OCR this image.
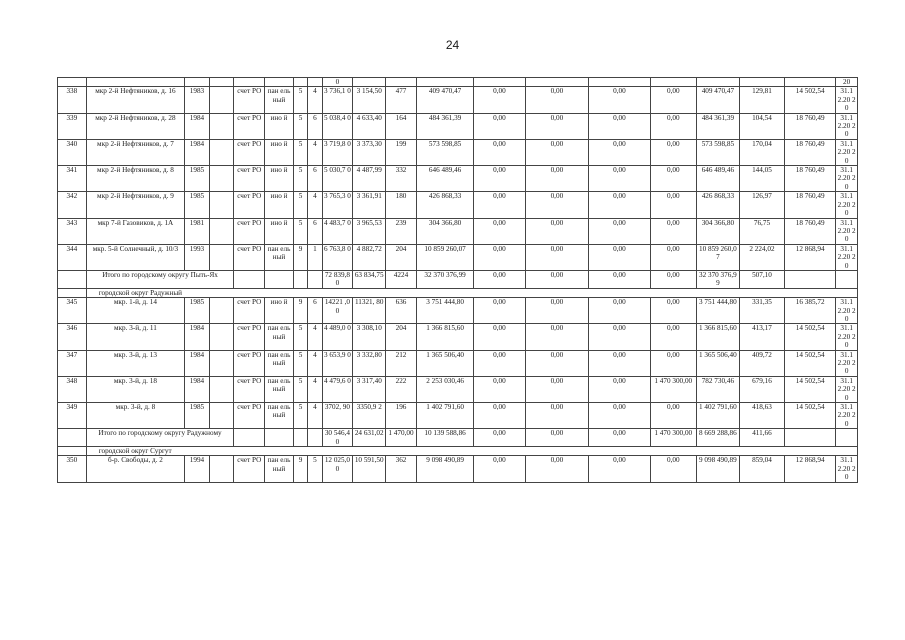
24
								0											20
338	мкр 2-й Нефтяников, д. 16	1983		счет РО	пан ель ный	5	4	3 736,1 0	3 154,50	477	409 470,47	0,00	0,00	0,00	0,00	409 470,47	129,81	14 502,54	31.1 2.20 20
339	мкр 2-й Нефтяников, д. 28	1984		счет РО	ино й	5	6	5 038,4 0	4 633,40	164	484 361,39	0,00	0,00	0,00	0,00	484 361,39	104,54	18 760,49	31.1 2.20 20
340	мкр 2-й Нефтяников, д. 7	1984		счет РО	ино й	5	4	3 719,8 0	3 373,30	199	573 598,85	0,00	0,00	0,00	0,00	573 598,85	170,04	18 760,49	31.1 2.20 20
341	мкр 2-й Нефтяников, д. 8	1985		счет РО	ино й	5	6	5 030,7 0	4 487,99	332	646 489,46	0,00	0,00	0,00	0,00	646 489,46	144,05	18 760,49	31.1 2.20 20
342	мкр 2-й Нефтяников, д. 9	1985		счет РО	ино й	5	4	3 765,3 0	3 361,91	180	426 868,33	0,00	0,00	0,00	0,00	426 868,33	126,97	18 760,49	31.1 2.20 20
343	мкр 7-й Газовиков, д. 1А	1981		счет РО	ино й	5	6	4 483,7 0	3 965,53	239	304 366,80	0,00	0,00	0,00	0,00	304 366,80	76,75	18 760,49	31.1 2.20 20
344	мкр. 5-й Солнечный, д. 10/3	1993		счет РО	пан ель ный	9	1	6 763,8 0	4 882,72	204	10 859 260,07	0,00	0,00	0,00	0,00	10 859 260,07	2 224,02	12 868,94	31.1 2.20 20
	Итого по городскому округу Пыть-Ях							72 839,8 0	63 834,75	4224	32 370 376,99	0,00	0,00	0,00	0,00	32 370 376,99	507,10		
	городской округ Радужный																		
345	мкр. 1-й, д. 14	1985		счет РО	ино й	9	6	14221 ,00	11321, 80	636	3 751 444,80	0,00	0,00	0,00	0,00	3 751 444,80	331,35	16 385,72	31.1 2.20 20
346	мкр. 3-й, д. 11	1984		счет РО	пан ель ный	5	4	4 489,0 0	3 308,10	204	1 366 815,60	0,00	0,00	0,00	0,00	1 366 815,60	413,17	14 502,54	31.1 2.20 20
347	мкр. 3-й, д. 13	1984		счет РО	пан ель ный	5	4	3 653,9 0	3 332,80	212	1 365 506,40	0,00	0,00	0,00	0,00	1 365 506,40	409,72	14 502,54	31.1 2.20 20
348	мкр. 3-й, д. 18	1984		счет РО	пан ель ный	5	4	4 479,6 0	3 317,40	222	2 253 030,46	0,00	0,00	0,00	1 470 300,00	782 730,46	679,16	14 502,54	31.1 2.20 20
349	мкр. 3-й, д. 8	1985		счет РО	пан ель ный	5	4	3702, 90	3350,9 2	196	1 402 791,60	0,00	0,00	0,00	0,00	1 402 791,60	418,63	14 502,54	31.1 2.20 20
	Итого по городскому округу Радужному							30 546,4 0	24 631,02	1 470,00	10 139 588,86	0,00	0,00	0,00	1 470 300,00	8 669 288,86	411,66		
	городской округ Сургут																		
350	б-р. Свободы, д. 2	1994		счет РО	пан ель ный	9	5	12 025,0 0	10 591,50	362	9 098 490,89	0,00	0,00	0,00	0,00	9 098 490,89	859,04	12 868,94	31.1 2.20 20
